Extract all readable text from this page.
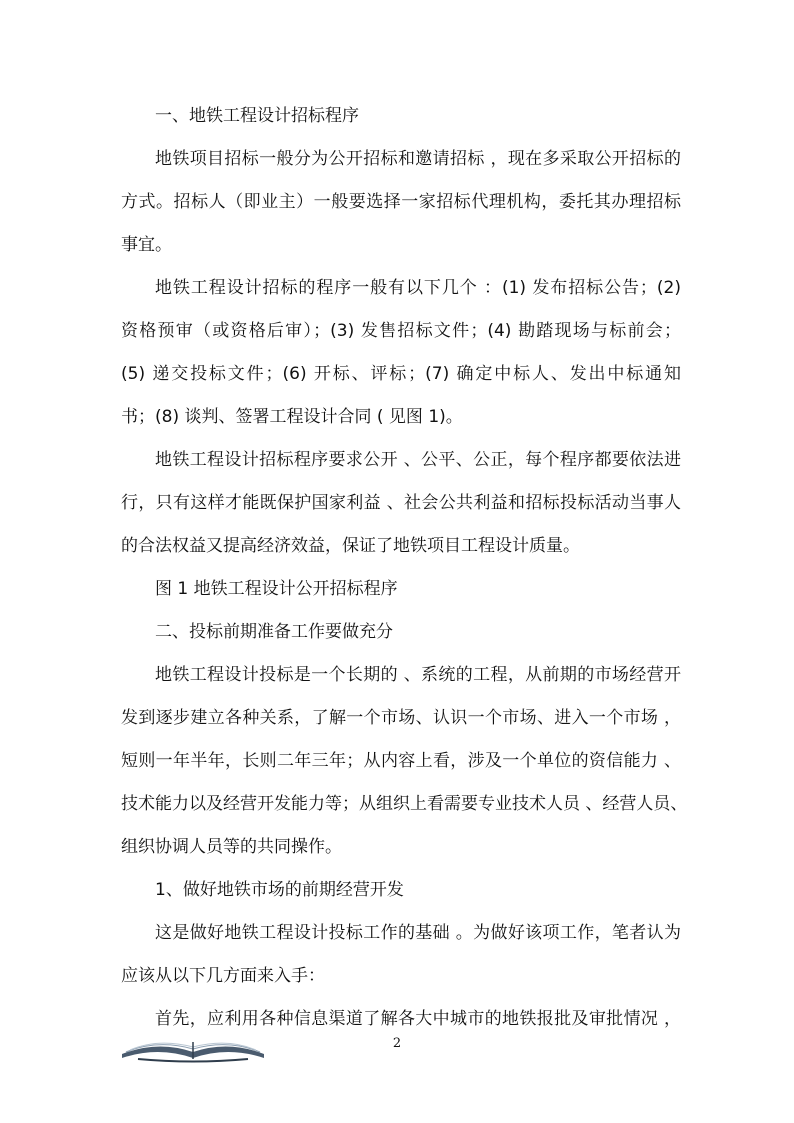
一、地铁工程设计招标程序
地铁项目招标一般分为公开招标和邀请招标 ，现在多采取公开招标的
方式。招标人（即业主）一般要选择一家招标代理机构，委托其办理招标
事宜。
地铁工程设计招标的程序一般有以下几个 ：(1) 发布招标公告；(2)
资格预审（或资格后审）；(3) 发售招标文件；(4) 勘踏现场与标前会；
(5) 递交投标文件；(6) 开标、评标；(7) 确定中标人、发出中标通知
书；(8) 谈判、签署工程设计合同 ( 见图 1)。
地铁工程设计招标程序要求公开 、公平、公正，每个程序都要依法进
行，只有这样才能既保护国家利益 、社会公共利益和招标投标活动当事人
的合法权益又提高经济效益，保证了地铁项目工程设计质量。
图 1 地铁工程设计公开招标程序
二、投标前期准备工作要做充分
地铁工程设计投标是一个长期的 、系统的工程，从前期的市场经营开
发到逐步建立各种关系，了解一个市场、认识一个市场、进入一个市场 ，
短则一年半年，长则二年三年；从内容上看，涉及一个单位的资信能力 、
技术能力以及经营开发能力等；从组织上看需要专业技术人员 、经营人员、
组织协调人员等的共同操作。
1、做好地铁市场的前期经营开发
这是做好地铁工程设计投标工作的基础 。为做好该项工作，笔者认为
应该从以下几方面来入手：
首先，应利用各种信息渠道了解各大中城市的地铁报批及审批情况 ，
2
